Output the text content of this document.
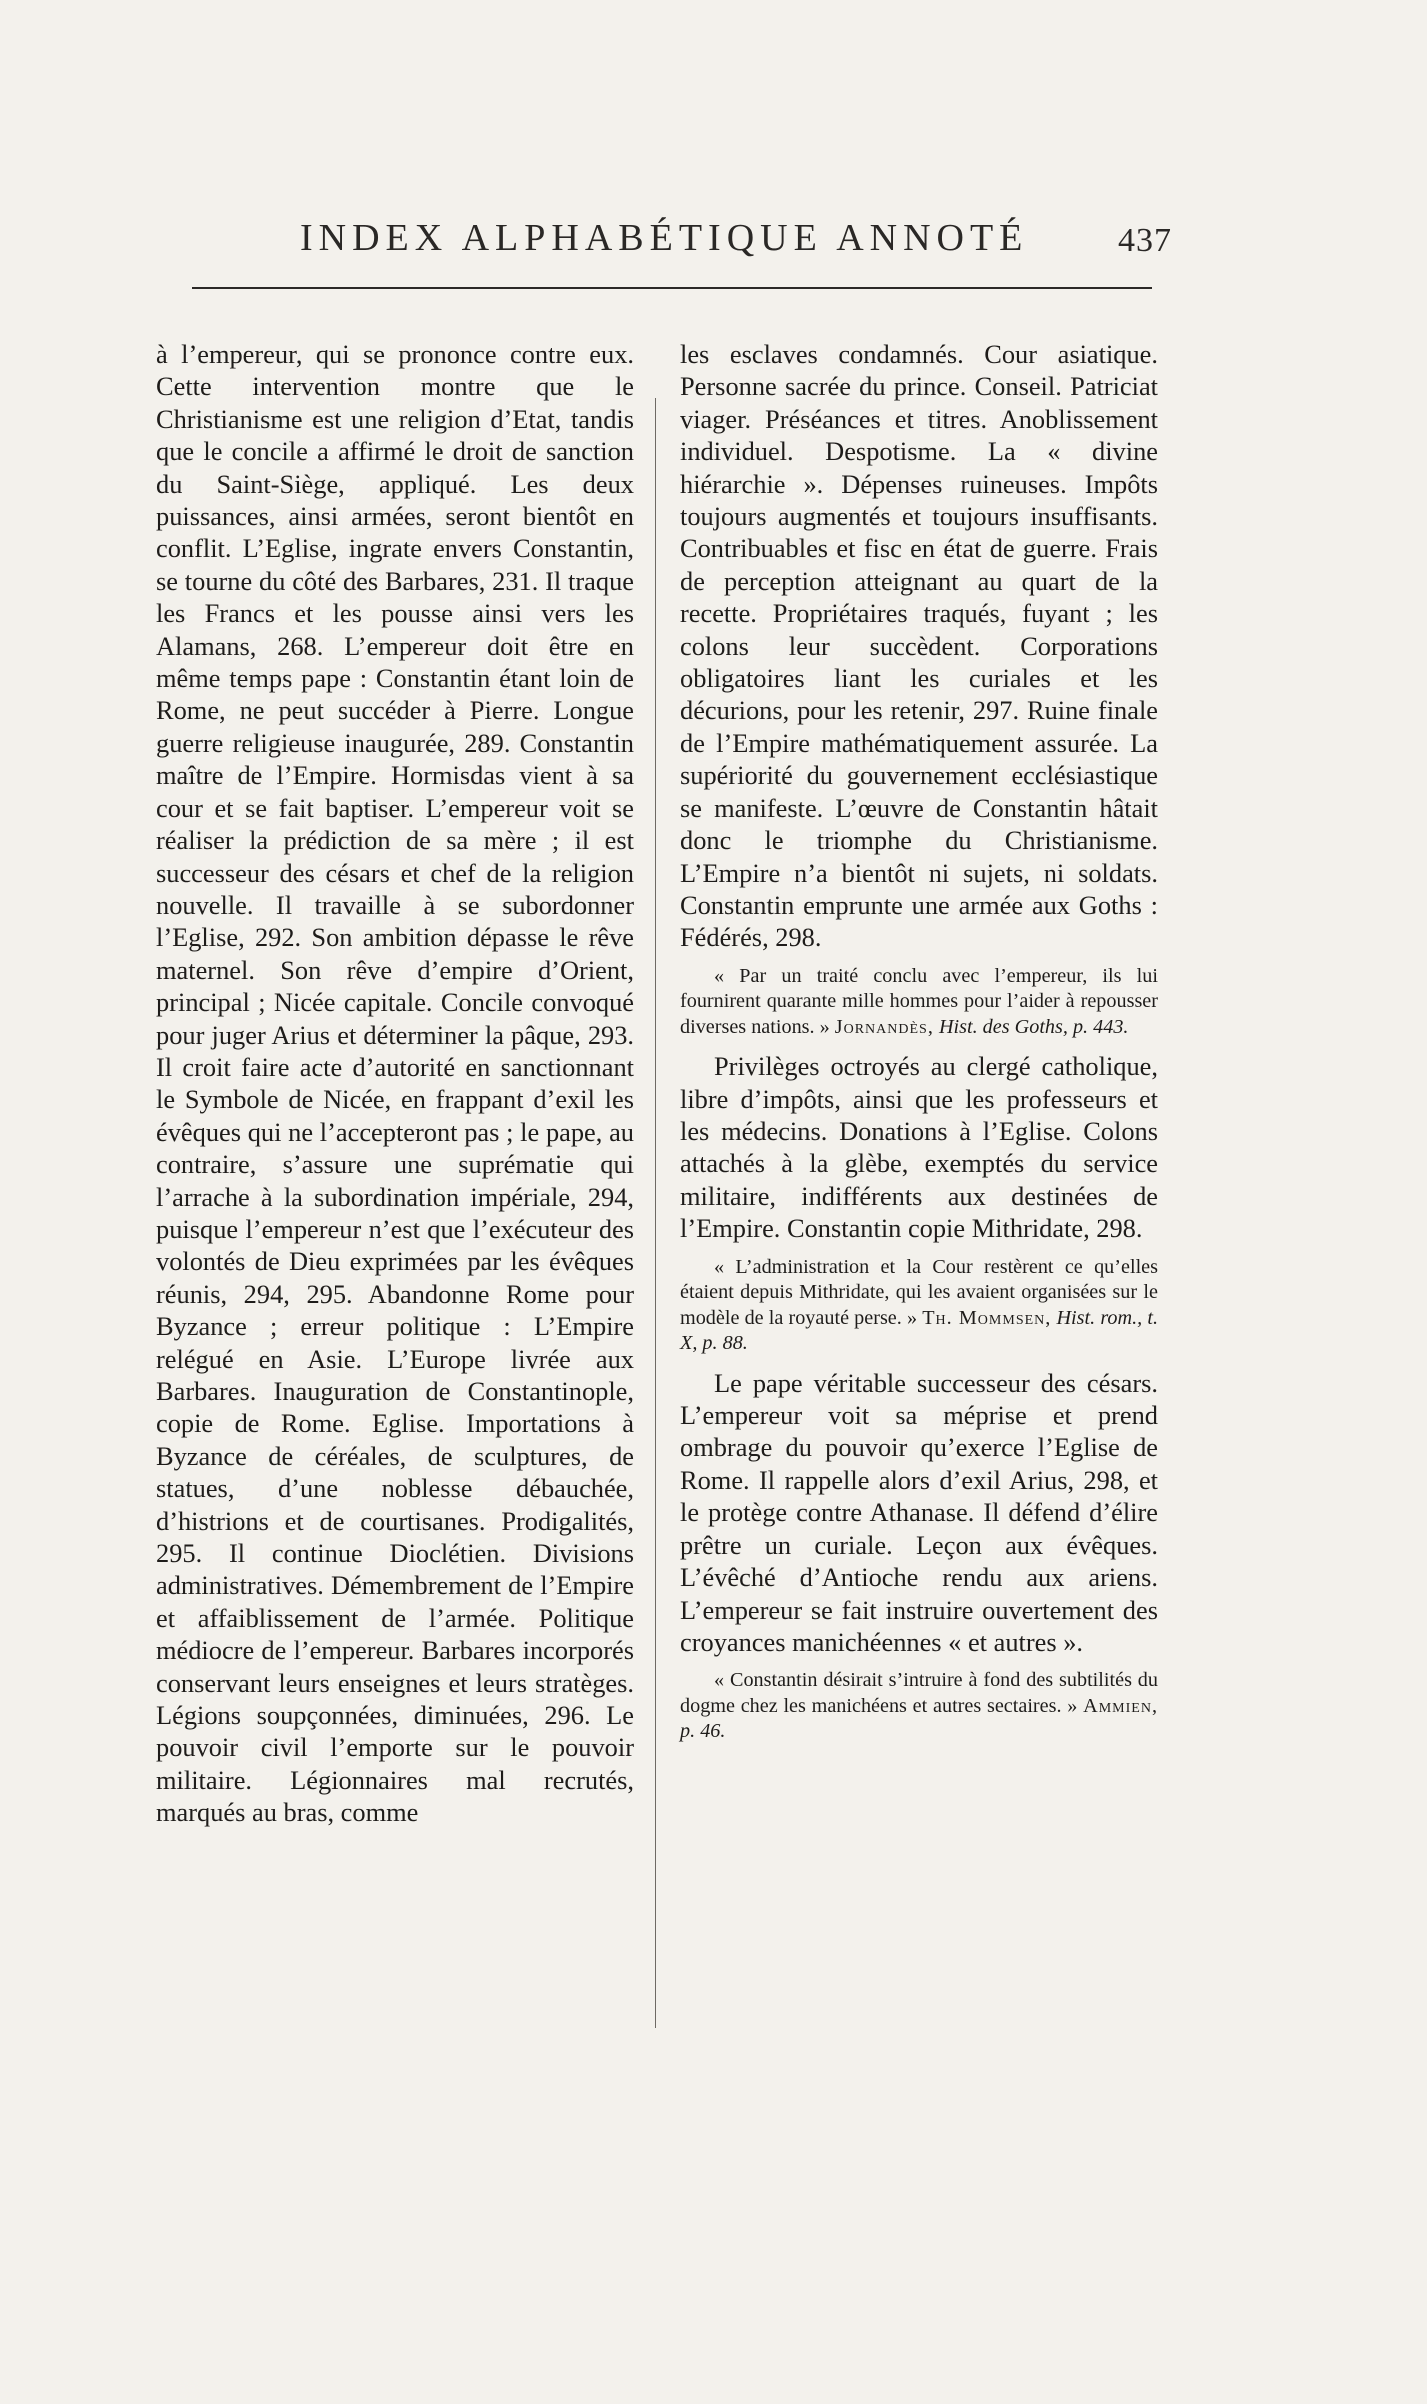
INDEX ALPHABÉTIQUE ANNOTÉ	437

à l’empereur, qui se prononce contre eux. Cette intervention montre que le Christianisme est une religion d’Etat, tandis que le concile a affirmé le droit de sanction du Saint-Siège, appliqué. Les deux puissances, ainsi armées, seront bientôt en conflit. L’Eglise, ingrate envers Constantin, se tourne du côté des Barbares, 231. Il traque les Francs et les pousse ainsi vers les Alamans, 268. L’empereur doit être en même temps pape : Constantin étant loin de Rome, ne peut succéder à Pierre. Longue guerre religieuse inaugurée, 289. Constantin maître de l’Empire. Hormisdas vient à sa cour et se fait baptiser. L’empereur voit se réaliser la prédiction de sa mère ; il est successeur des césars et chef de la religion nouvelle. Il travaille à se subordonner l’Eglise, 292. Son ambition dépasse le rêve maternel. Son rêve d’empire d’Orient, principal ; Nicée capitale. Concile convoqué pour juger Arius et déterminer la pâque, 293. Il croit faire acte d’autorité en sanctionnant le Symbole de Nicée, en frappant d’exil les évêques qui ne l’accepteront pas ; le pape, au contraire, s’assure une suprématie qui l’arrache à la subordination impériale, 294, puisque l’empereur n’est que l’exécuteur des volontés de Dieu exprimées par les évêques réunis, 294, 295. Abandonne Rome pour Byzance ; erreur politique : L’Empire relégué en Asie. L’Europe livrée aux Barbares. Inauguration de Constantinople, copie de Rome. Eglise. Importations à Byzance de céréales, de sculptures, de statues, d’une noblesse débauchée, d’histrions et de courtisanes. Prodigalités, 295. Il continue Dioclétien. Divisions administratives. Démembrement de l’Empire et affaiblissement de l’armée. Politique médiocre de l’empereur. Barbares incorporés conservant leurs enseignes et leurs stratèges. Légions soupçonnées, diminuées, 296. Le pouvoir civil l’emporte sur le pouvoir militaire. Légionnaires mal recrutés, marqués au bras, comme

les esclaves condamnés. Cour asiatique. Personne sacrée du prince. Conseil. Patriciat viager. Préséances et titres. Anoblissement individuel. Despotisme. La « divine hiérarchie ». Dépenses ruineuses. Impôts toujours augmentés et toujours insuffisants. Contribuables et fisc en état de guerre. Frais de perception atteignant au quart de la recette. Propriétaires traqués, fuyant ; les colons leur succèdent. Corporations obligatoires liant les curiales et les décurions, pour les retenir, 297. Ruine finale de l’Empire mathématiquement assurée. La supériorité du gouvernement ecclésiastique se manifeste. L’œuvre de Constantin hâtait donc le triomphe du Christianisme. L’Empire n’a bientôt ni sujets, ni soldats. Constantin emprunte une armée aux Goths : Fédérés, 298.

« Par un traité conclu avec l’empereur, ils lui fournirent quarante mille hommes pour l’aider à repousser diverses nations. » Jornandès, Hist. des Goths, p. 443.

Privilèges octroyés au clergé catholique, libre d’impôts, ainsi que les professeurs et les médecins. Donations à l’Eglise. Colons attachés à la glèbe, exemptés du service militaire, indifférents aux destinées de l’Empire. Constantin copie Mithridate, 298.

« L’administration et la Cour restèrent ce qu’elles étaient depuis Mithridate, qui les avaient organisées sur le modèle de la royauté perse. » Th. Mommsen, Hist. rom., t. X, p. 88.

Le pape véritable successeur des césars. L’empereur voit sa méprise et prend ombrage du pouvoir qu’exerce l’Eglise de Rome. Il rappelle alors d’exil Arius, 298, et le protège contre Athanase. Il défend d’élire prêtre un curiale. Leçon aux évêques. L’évêché d’Antioche rendu aux ariens. L’empereur se fait instruire ouvertement des croyances manichéennes « et autres ».

« Constantin désirait s’intruire à fond des subtilités du dogme chez les manichéens et autres sectaires. » Ammien, p. 46.
